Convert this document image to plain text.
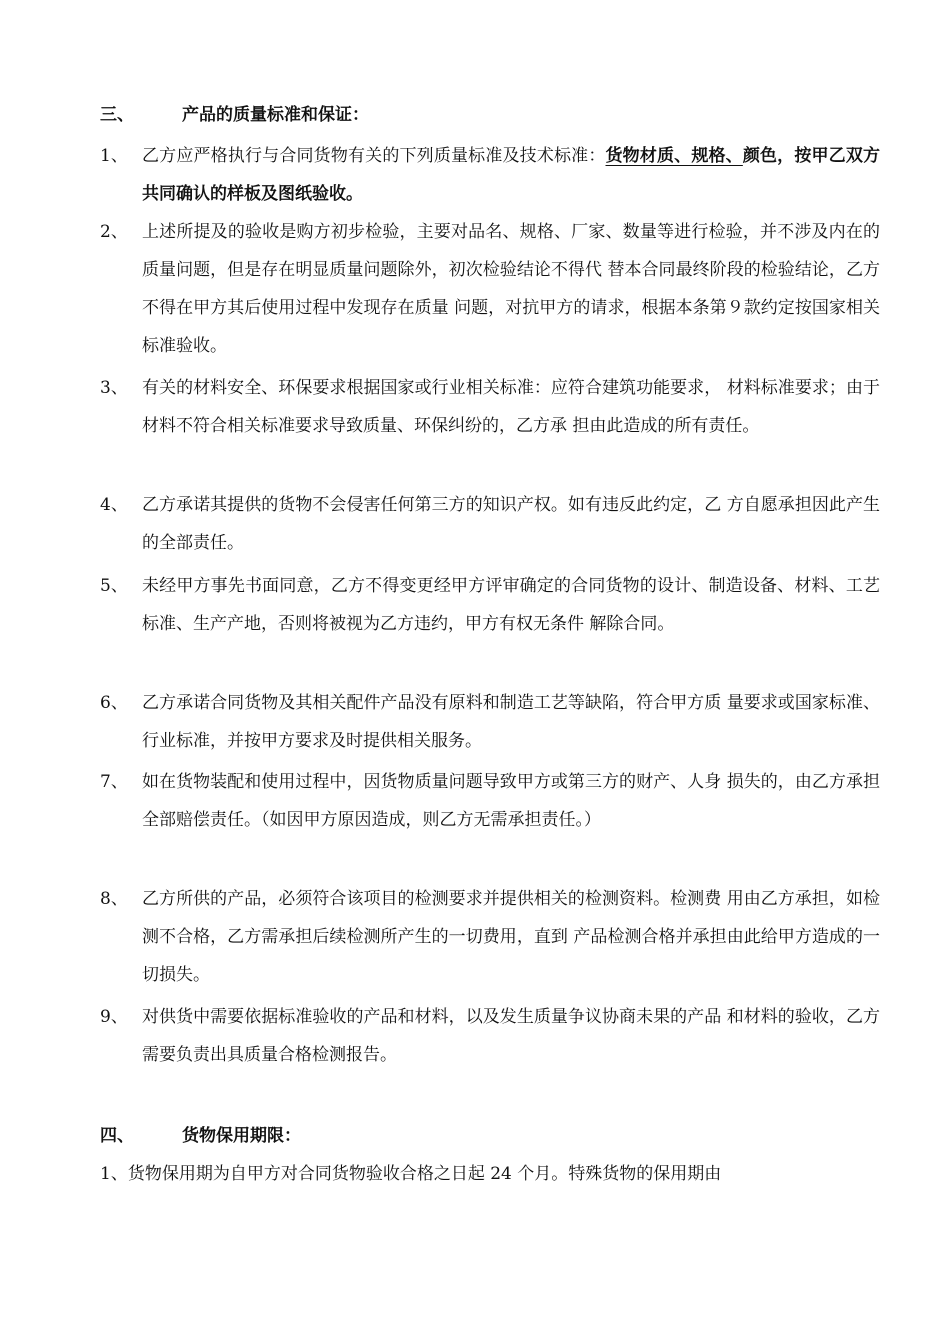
三、	产品的质量标准和保证：
1、 乙方应严格执行与合同货物有关的下列质量标准及技术标准：货物材质、规格、颜色，按甲乙双方共同确认的样板及图纸验收。
2、 上述所提及的验收是购方初步检验，主要对品名、规格、厂家、数量等进行检验，并不涉及内在的质量问题，但是存在明显质量问题除外，初次检验结论不得代 替本合同最终阶段的检验结论，乙方不得在甲方其后使用过程中发现存在质量 问题，对抗甲方的请求，根据本条第９款约定按国家相关标准验收。
3、 有关的材料安全、环保要求根据国家或行业相关标准：应符合建筑功能要求， 材料标准要求；由于材料不符合相关标准要求导致质量、环保纠纷的，乙方承 担由此造成的所有责任。
4、 乙方承诺其提供的货物不会侵害任何第三方的知识产权。如有违反此约定，乙 方自愿承担因此产生的全部责任。
5、 未经甲方事先书面同意，乙方不得变更经甲方评审确定的合同货物的设计、制造设备、材料、工艺标准、生产产地，否则将被视为乙方违约，甲方有权无条件 解除合同。
6、 乙方承诺合同货物及其相关配件产品没有原料和制造工艺等缺陷，符合甲方质 量要求或国家标准、行业标准，并按甲方要求及时提供相关服务。
7、 如在货物装配和使用过程中，因货物质量问题导致甲方或第三方的财产、人身 损失的，由乙方承担全部赔偿责任。（如因甲方原因造成，则乙方无需承担责任。）
8、 乙方所供的产品，必须符合该项目的检测要求并提供相关的检测资料。检测费 用由乙方承担，如检测不合格，乙方需承担后续检测所产生的一切费用，直到 产品检测合格并承担由此给甲方造成的一切损失。
9、 对供货中需要依据标准验收的产品和材料，以及发生质量争议协商未果的产品 和材料的验收，乙方需要负责出具质量合格检测报告。
四、	货物保用期限：
1、货物保用期为自甲方对合同货物验收合格之日起 24 个月。特殊货物的保用期由
